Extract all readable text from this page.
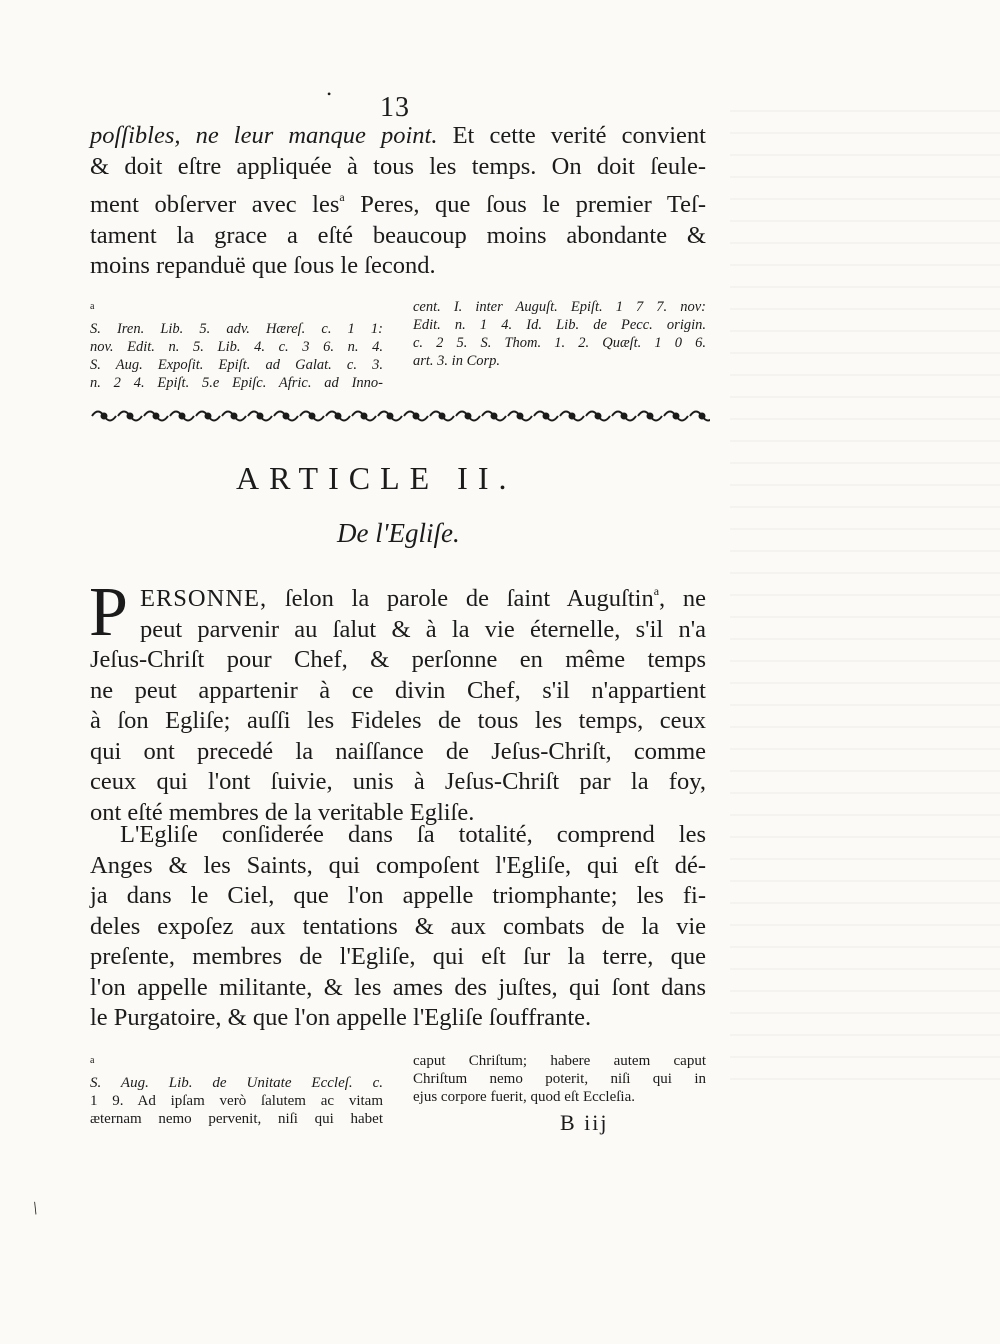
• 13
poſſibles, ne leur manque point. Et cette verité convient
& doit eſtre appliquée à tous les temps. On doit ſeule-
ment obſerver avec les$^a$ Peres, que ſous le premier Teſ-
tament la grace a eſté beaucoup moins abondante &
moins repanduë que ſous le ſecond.
$^a$
S. Iren. Lib. 5. adv. Hæreſ. c. 1 1:
nov. Edit. n. 5. Lib. 4. c. 3 6. n. 4.
S. Aug. Expoſit. Epiſt. ad Galat. c. 3.
n. 2 4. Epiſt. 5.e Epiſc. Afric. ad Inno-
cent. I. inter Auguſt. Epiſt. 1 7 7. nov:
Edit. n. 1 4. Id. Lib. de Pecc. origin.
c. 2 5. S. Thom. 1. 2. Quæſt. 1 0 6.
art. 3. in Corp.
ARTICLE II.
De l'Egliſe.
P ERSONNE, ſelon la parole de ſaint Auguſtin$^a$, ne
peut parvenir au ſalut & à la vie éternelle, s'il n'a
Jeſus-Chriſt pour Chef, & perſonne en même temps
ne peut appartenir à ce divin Chef, s'il n'appartient
à ſon Egliſe; auſſi les Fideles de tous les temps, ceux
qui ont precedé la naiſſance de Jeſus-Chriſt, comme
ceux qui l'ont ſuivie, unis à Jeſus-Chriſt par la foy,
ont eſté membres de la veritable Egliſe.
L'Egliſe conſiderée dans ſa totalité, comprend les
Anges & les Saints, qui compoſent l'Egliſe, qui eſt dé-
ja dans le Ciel, que l'on appelle triomphante; les fi-
deles expoſez aux tentations & aux combats de la vie
preſente, membres de l'Egliſe, qui eſt ſur la terre, que
l'on appelle militante, & les ames des juſtes, qui ſont dans
le Purgatoire, & que l'on appelle l'Egliſe ſouffrante.
$^a$
S. Aug. Lib. de Unitate Eccleſ. c.
1 9. Ad ipſam verò ſalutem ac vitam
æternam nemo pervenit, niſi qui habet
caput Chriſtum; habere autem caput
Chriſtum nemo poterit, niſi qui in
ejus corpore fuerit, quod eſt Eccleſia.
B iij
/
